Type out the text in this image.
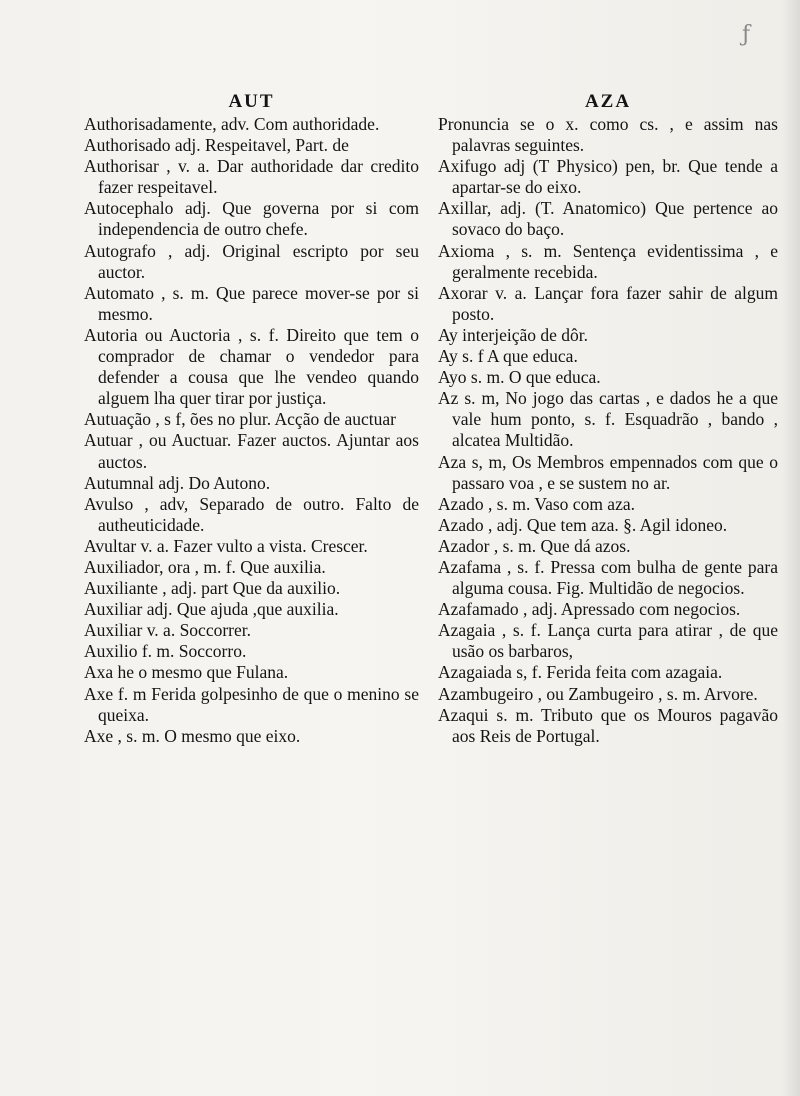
ƒ
AUT
Authorisadamente, adv. Com authoridade.
Authorisado adj. Respeitavel, Part. de
Authorisar , v. a. Dar authoridade dar credito fazer respeitavel.
Autocephalo adj. Que governa por si com independencia de outro chefe.
Autografo , adj. Original escripto por seu auctor.
Automato , s. m. Que parece mover-se por si mesmo.
Autoria ou Auctoria , s. f. Direito que tem o comprador de chamar o vendedor para defender a cousa que lhe vendeo quando alguem lha quer tirar por justiça.
Autuação , s f, ões no plur. Acção de auctuar
Autuar , ou Auctuar. Fazer auctos. Ajuntar aos auctos.
Autumnal adj. Do Autono.
Avulso , adv, Separado de outro. Falto de autheuticidade.
Avultar v. a. Fazer vulto a vista. Crescer.
Auxiliador, ora , m. f. Que auxilia.
Auxiliante , adj. part Que da auxilio.
Auxiliar adj. Que ajuda ,que auxilia.
Auxiliar v. a. Soccorrer.
Auxilio f. m. Soccorro.
Axa he o mesmo que Fulana.
Axe f. m Ferida golpesinho de que o menino se queixa.
Axe , s. m. O mesmo que eixo.
AZA
Pronuncia se o x. como cs. , e assim nas palavras seguintes.
Axifugo adj (T Physico) pen, br. Que tende a apartar-se do eixo.
Axillar, adj. (T. Anatomico) Que pertence ao sovaco do baço.
Axioma , s. m. Sentença evidentissima , e geralmente recebida.
Axorar v. a. Lançar fora fazer sahir de algum posto.
Ay interjeição de dôr.
Ay s. f A que educa.
Ayo s. m. O que educa.
Az s. m, No jogo das cartas , e dados he a que vale hum ponto, s. f. Esquadrão , bando , alcatea Multidão.
Aza s, m, Os Membros empennados com que o passaro voa , e se sustem no ar.
Azado , s. m. Vaso com aza.
Azado , adj. Que tem aza. §. Agil idoneo.
Azador , s. m. Que dá azos.
Azafama , s. f. Pressa com bulha de gente para alguma cousa. Fig. Multidão de negocios.
Azafamado , adj. Apressado com negocios.
Azagaia , s. f. Lança curta para atirar , de que usão os barbaros,
Azagaiada s, f. Ferida feita com azagaia.
Azambugeiro , ou Zambugeiro , s. m. Arvore.
Azaqui s. m. Tributo que os Mouros pagavão aos Reis de Portugal.
